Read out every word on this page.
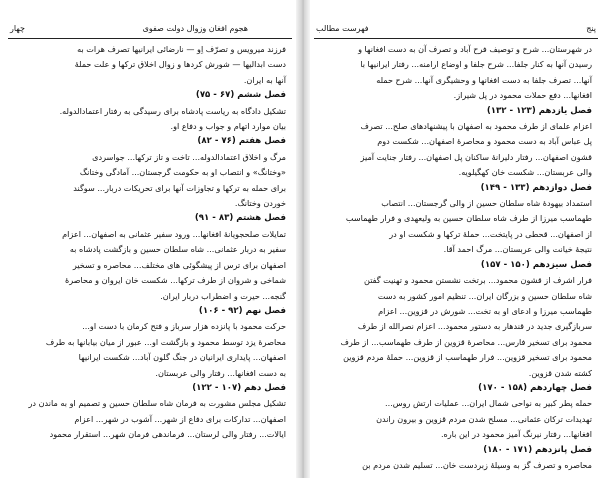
چهار	هجوم افغان وزوال دولت صفوی
فرزند میرویس و تصرّف اِو — نارضائی ایرانیها تصرف هرات به
دست ابدالیها — شورش کردها و زوال اخلاق ترکها و علت حملهٔ
آنها به ایران.
فصل ششم (۶۷ - ۷۵)
تشکیل دادگاه به ریاست پادشاه برای رسیدگی به رفتار اعتمادالدوله.
بیان موارد اتهام و جواب و دفاع او.
فصل هفتم (۷۶ - ۸۲)
مرگ و اخلاق اعتمادالدوله... تاخت و تاز ترکها... جواسردی
«وختانگ» و انتصاب او به حکومت گرجستان... آمادگی وختانگ
برای حمله به ترکها و تجاوزات آنها برای تحریکات دربار... سوگند
خوردن وختانگ.
فصل هشتم (۸۳ - ۹۱)
تمایلات صلحجویانهٔ افغانها... ورود سفیر عثمانی به اصفهان... اعزام
سفیر به دربار عثمانی... شاه سلطان حسین و بازگشت پادشاه به
اصفهان برای ترس از پیشگوئی های مختلف... محاصره و تسخیر
شماخی و شروان از طرف ترکها... شکست خان ایروان و محاصرهٔ
گنجه... حیرت و اضطراب دربار ایران.
فصل نهم (۹۲ - ۱۰۶)
حرکت محمود با پانزده هزار سرباز و فتح کرمان با دست او...
محاصرهٔ یزد توسط محمود و بازگشت او... عبور از میان بیابانها به طرف
اصفهان... پایداری ایرانیان در جنگ گلون آباد... شکست ایرانیها
به دست افغانها... رفتار والی عربستان.
فصل دهم (۱۰۷ - ۱۲۲)
تشکیل مجلس مشورت به فرمان شاه سلطان حسین و تصمیم او به ماندن در
اصفهان... تدارکات برای دفاع از شهر... آشوب در شهر... اعزام
ایالات... رفتار والی لرستان... فرماندهی فرمان شهر... استقرار محمود
پنج
فهرست مطالب
در شهرستان... شرح و توصیف فرح آباد و تصرف آن به دست افغانها و
رسیدن آنها به کنار جلفا... شرح جلفا و اوضاع ارامنه... رفتار ایرانیها با
آنها... تصرف جلفا به دست افغانها و وحشیگری آنها... شرح حمله
افغانها... دفع حملات محمود در پل شیراز.
فصل یازدهم (۱۲۳ - ۱۳۲)
اعزام علمای از طرف محمود به اصفهان با پیشنهادهای صلح... تصرف
پل عباس آباد به دست محمود و محاصرهٔ اصفهان... شکست دوم
قشون اصفهان... رفتار دلیرانهٔ ساکنان پل اصفهان... رفتار جنایت آمیز
والی عربستان... شکست خان کهگیلویه.
فصل دوازدهم (۱۳۳ - ۱۴۹)
استمداد بیهودهٔ شاه سلطان حسین از والی گرجستان... انتصاب
طهماسب میرزا از طرف شاه سلطان حسین به ولیعهدی و فرار طهماسب
از اصفهان... قحطی در پایتخت... حملهٔ ترکها و شکست او در
نتیجهٔ خیانت والی عربستان... مرگ احمد آقا.
فصل سیزدهم (۱۵۰ - ۱۵۷)
فرار اشرف از قشون محمود... برتخت نشستن محمود و تهنیت گفتن
شاه سلطان حسین و بزرگان ایران... تنظیم امور کشور به دست
طهماسب میرزا و ادعای او به تخت... شورش در قزوین... اعزام
سربازگیری جدید در قندهار به دستور محمود... اعزام نصرالله از طرف
محمود برای تسخیر فارس... محاصرهٔ قزوین از طرف طهماسب... از طرف
محمود برای تسخیر قزوین... فرار طهماسب از قزوین... حملهٔ مردم قزوین
کشته شدن قزوین.
فصل چهاردهم (۱۵۸ - ۱۷۰)
حمله پطر کبیر به نواحی شمال ایران... عملیات ارتش روس...
تهدیدات ترکان عثمانی... مسلح شدن مردم قزوین و بیرون راندن
افغانها... رفتار نیرنگ آمیز محمود در این باره.
فصل پانزدهم (۱۷۱ - ۱۸۰)
محاصره و تصرف گز به وسیلهٔ زبردست خان... تسلیم شدن مردم بن
